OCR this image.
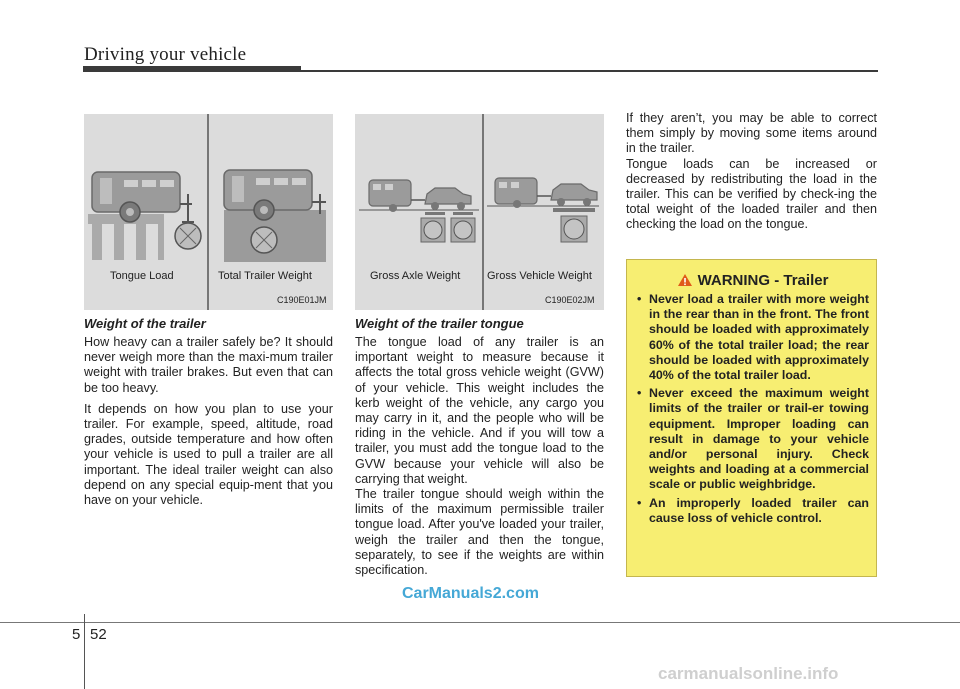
Driving your vehicle
Tongue Load	Total Trailer Weight
C190E01JM
Gross Axle Weight Gross Vehicle Weight
C190E02JM
Weight of the trailer

How heavy can a trailer safely be? It should never weigh more than the maxi-mum trailer weight with trailer brakes. But even that can be too heavy.

It depends on how you plan to use your trailer. For example, speed, altitude, road grades, outside temperature and how often your vehicle is used to pull a trailer are all important. The ideal trailer weight can also depend on any special equip-ment that you have on your vehicle.

Weight of the trailer tongue

The tongue load of any trailer is an important weight to measure because it affects the total gross vehicle weight (GVW) of your vehicle. This weight includes the kerb weight of the vehicle, any cargo you may carry in it, and the people who will be riding in the vehicle. And if you will tow a trailer, you must add the tongue load to the GVW because your vehicle will also be carrying that weight.

The trailer tongue should weigh within the limits of the maximum permissible trailer tongue load. After you've loaded your trailer, weigh the trailer and then the tongue, separately, to see if the weights are within specification.

If they aren’t, you may be able to correct them simply by moving some items around in the trailer.

Tongue loads can be increased or decreased by redistributing the load in the trailer. This can be verified by check-ing the total weight of the loaded trailer and then checking the load on the tongue.

WARNING - Trailer
• Never load a trailer with more weight in the rear than in the front. The front should be loaded with approximately 60% of the total trailer load; the rear should be loaded with approximately 40% of the total trailer load.
• Never exceed the maximum weight limits of the trailer or trail-er towing equipment. Improper loading can result in damage to your vehicle and/or personal injury. Check weights and loading at a commercial scale or public weighbridge.
• An improperly loaded trailer can cause loss of vehicle control.
CarManuals2.com
5 52
carmanualsonline.info
